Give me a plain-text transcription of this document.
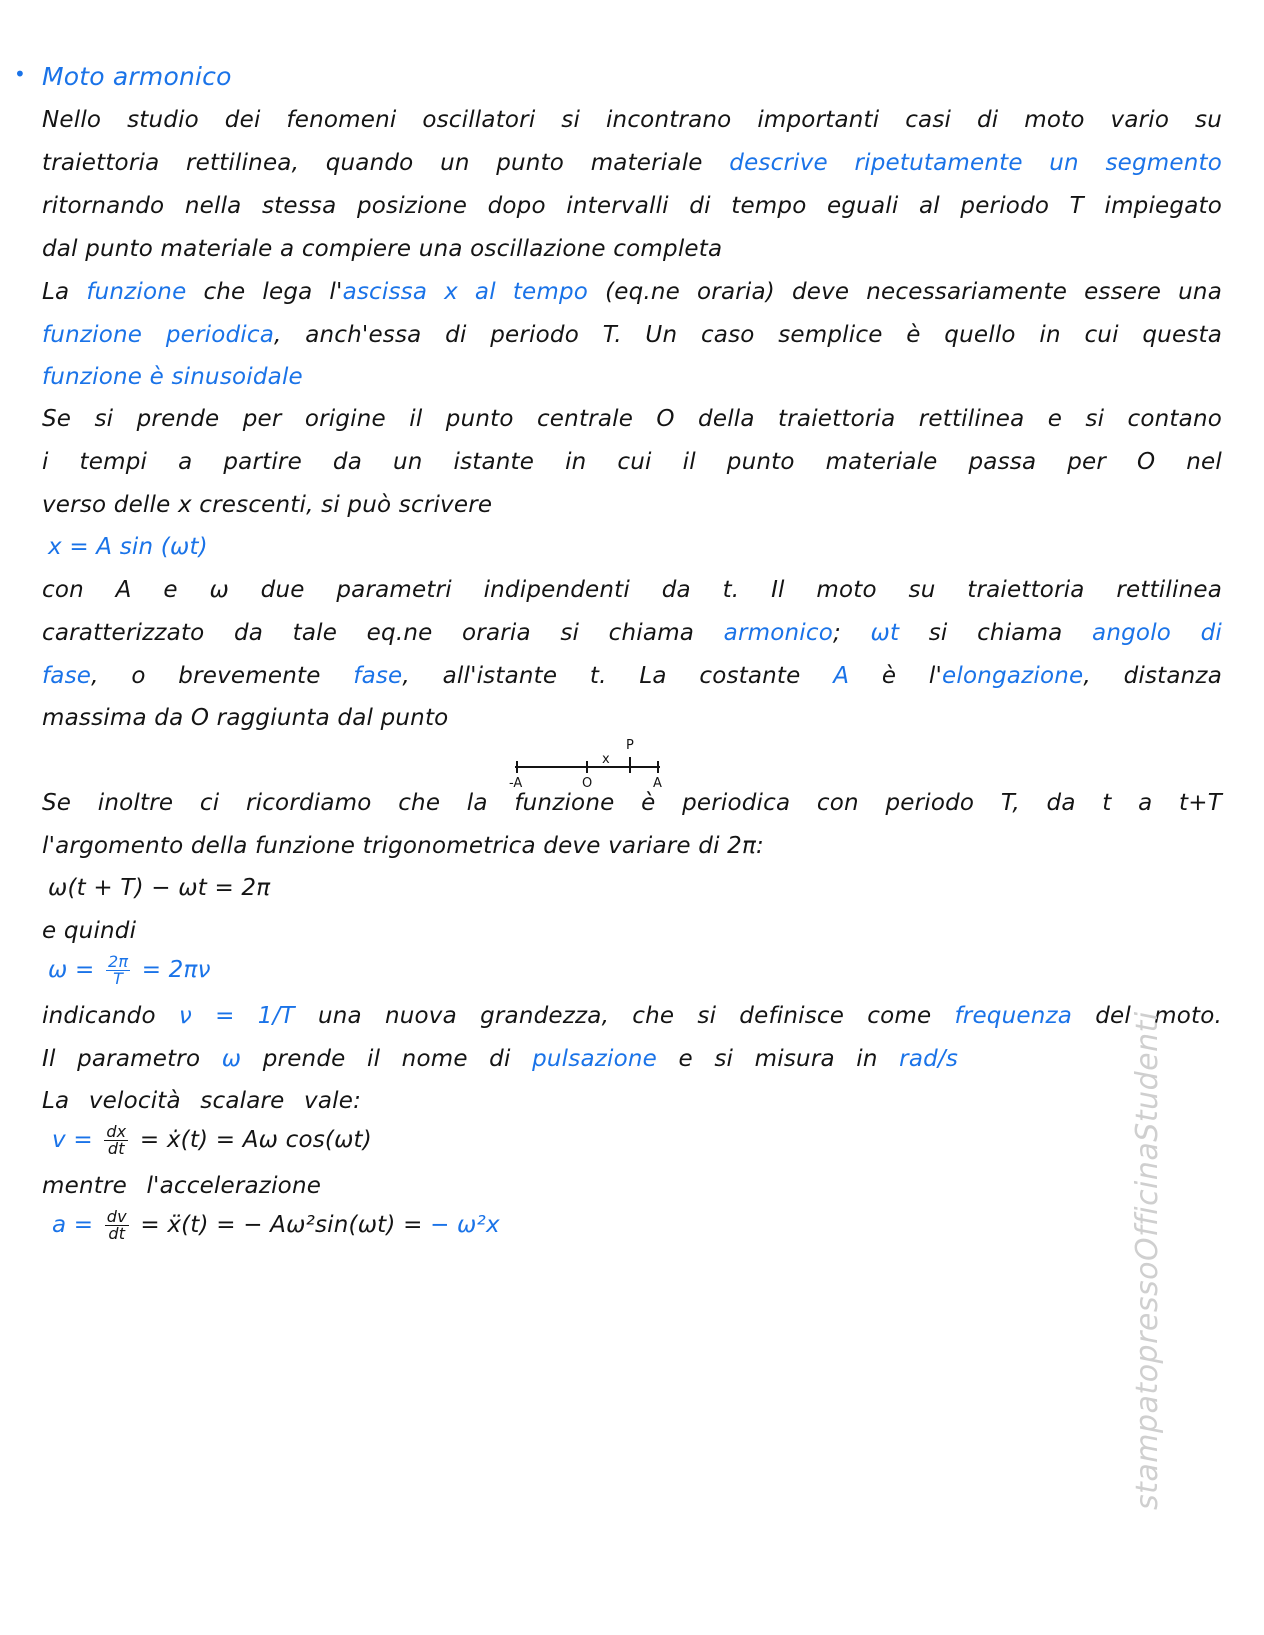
• Moto armonico
Nello studio dei fenomeni oscillatori si incontrano importanti casi di moto vario su
traiettoria rettilinea, quando un punto materiale descrive ripetutamente un segmento
ritornando nella stessa posizione dopo intervalli di tempo eguali al periodo T impiegato
dal punto materiale a compiere una oscillazione completa
La funzione che lega l'ascissa x al tempo (eq.ne oraria) deve necessariamente essere una
funzione periodica, anch'essa di periodo T. Un caso semplice è quello in cui questa
funzione è sinusoidale
Se si prende per origine il punto centrale O della traiettoria rettilinea e si contano
i tempi a partire da un istante in cui il punto materiale passa per O nel
verso delle x crescenti, si può scrivere
x = A sin (ωt)
con A e ω due parametri indipendenti da t. Il moto su traiettoria rettilinea
caratterizzato da tale eq.ne oraria si chiama armonico; ωt si chiama angolo di
fase, o brevemente fase, all'istante t. La costante A è l'elongazione, distanza
massima da O raggiunta dal punto
-A	O
x
P
A
Se inoltre ci ricordiamo che la funzione è periodica con periodo T, da t a t+T
l'argomento della funzione trigonometrica deve variare di 2π:
ω(t + T) − ωt = 2π
e quindi
$\omega = \frac{2\pi}{T} = 2\pi\nu$
indicando ν = 1/T una nuova grandezza, che si definisce come frequenza del moto.
Il parametro ω prende il nome di pulsazione e si misura in rad/s
La velocità scalare vale:
$v = \frac{dx}{dt}$ = ẋ(t) = Aω cos(ωt)
mentre l'accelerazione
$a = \frac{dv}{dt}$ = ẍ(t) = − Aω²sin(ωt) = − ω²x	stampatopressoOfficinaStudenti
